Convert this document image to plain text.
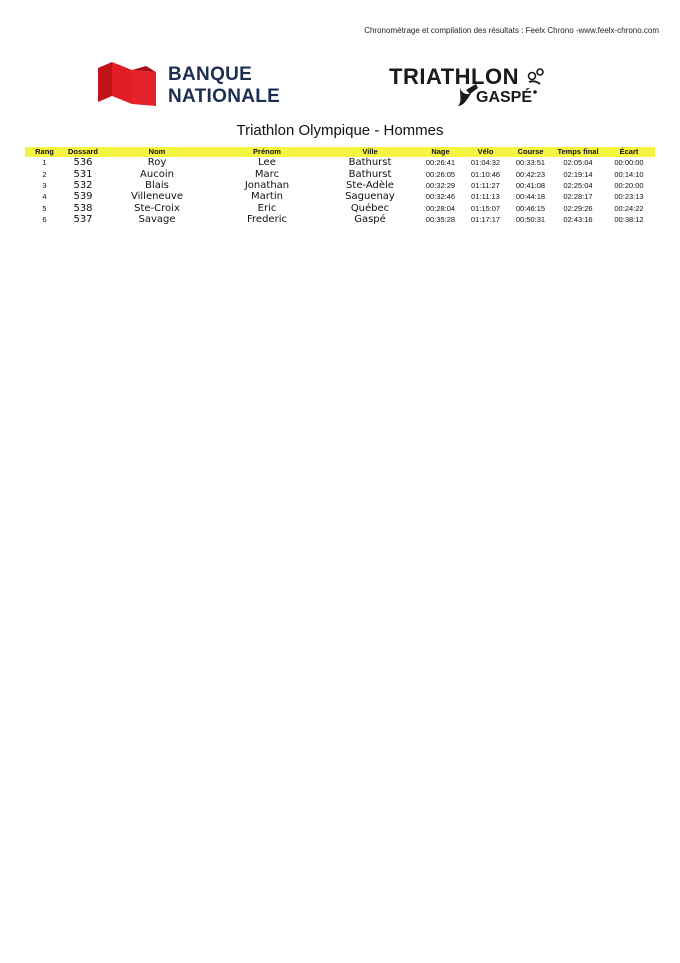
Chronométrage et compilation des résultats : Feelx Chrono -www.feelx-chrono.com
BANQUE
NATIONALE
TRIATHLON
GASPÉ
Triathlon Olympique - Hommes
Rang	Dossard	Nom	Prénom	Ville	Nage	Vélo	Course	Temps final	Écart
1	536	Roy	Lee	Bathurst	00:26:41	01:04:32	00:33:51	02:05:04	00:00:00
2	531	Aucoin	Marc	Bathurst	00:26:05	01:10:46	00:42:23	02:19:14	00:14:10
3	532	Blais	Jonathan	Ste-Adèle	00:32:29	01:11:27	00:41:08	02:25:04	00:20:00
4	539	Villeneuve	Martin	Saguenay	00:32:46	01:11:13	00:44:18	02:28:17	00:23:13
5	538	Ste-Croix	Eric	Québec	00:28:04	01:15:07	00:46:15	02:29:26	00:24:22
6	537	Savage	Frederic	Gaspé	00:35:28	01:17:17	00:50:31	02:43:16	00:38:12
